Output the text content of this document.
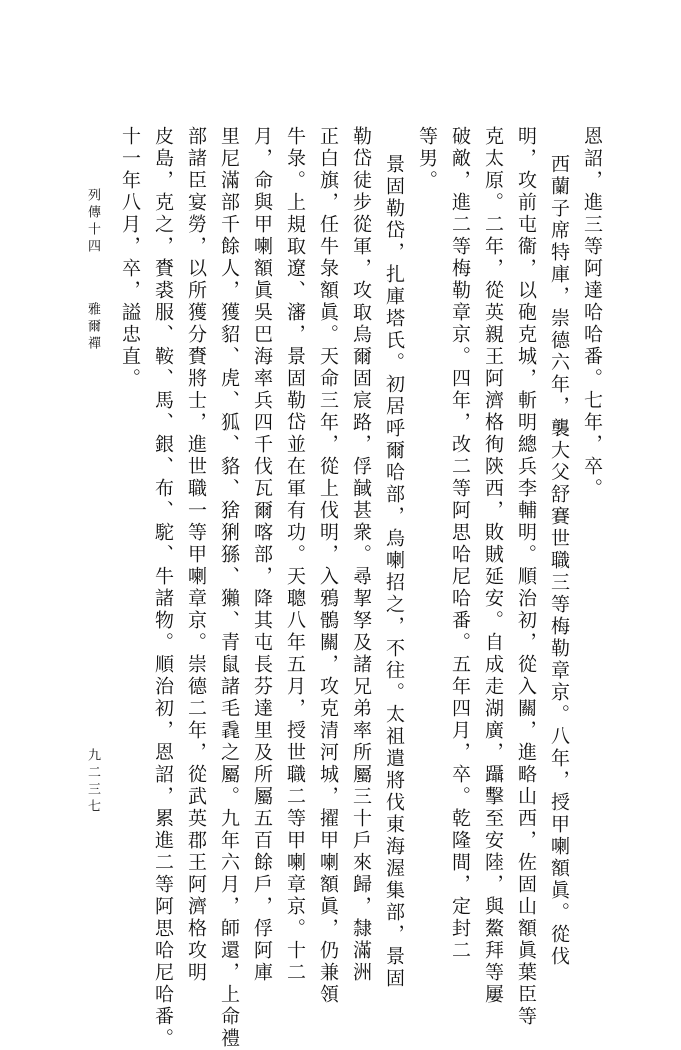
恩詔，進三等阿達哈哈番。七年，卒。
西蘭子席特庫，崇德六年，襲大父舒賽世職三等梅勒章京。八年，授甲喇額眞。從伐
明，攻前屯衞，以砲克城，斬明總兵李輔明。順治初，從入關，進略山西，佐固山額眞葉臣等
克太原。二年，從英親王阿濟格徇陝西，敗賊延安。自成走湖廣，躡擊至安陸，與鰲拜等屢
破敵，進二等梅勒章京。四年，改二等阿思哈尼哈番。五年四月，卒。乾隆間，定封二
等男。
景固勒岱，扎庫塔氏。初居呼爾哈部，烏喇招之，不往。太祖遣將伐東海渥集部，景固
勒岱徒步從軍，攻取烏爾固宸路，俘馘甚衆。尋挈孥及諸兄弟率所屬三十戶來歸，隸滿洲
正白旗，任牛彔額眞。天命三年，從上伐明，入鴉鶻關，攻克清河城，擢甲喇額眞，仍兼領
牛彔。上規取遼、瀋，景固勒岱並在軍有功。天聰八年五月，授世職二等甲喇章京。十二
月，命與甲喇額眞吳巴海率兵四千伐瓦爾喀部，降其屯長芬達里及所屬五百餘戶，俘阿庫
里尼滿部千餘人，獲貂、虎、狐、貉、猞猁猻、獺、青鼠諸毛毳之屬。九年六月，師還，上命禮
部諸臣宴勞，以所獲分賚將士，進世職一等甲喇章京。崇德二年，從武英郡王阿濟格攻明
皮島，克之，賚裘服、鞍、馬、銀、布、駝、牛諸物。順治初，恩詔，累進二等阿思哈尼哈番。
十一年八月，卒，謚忠直。
列傳十四
雅爾禪
九二三七
